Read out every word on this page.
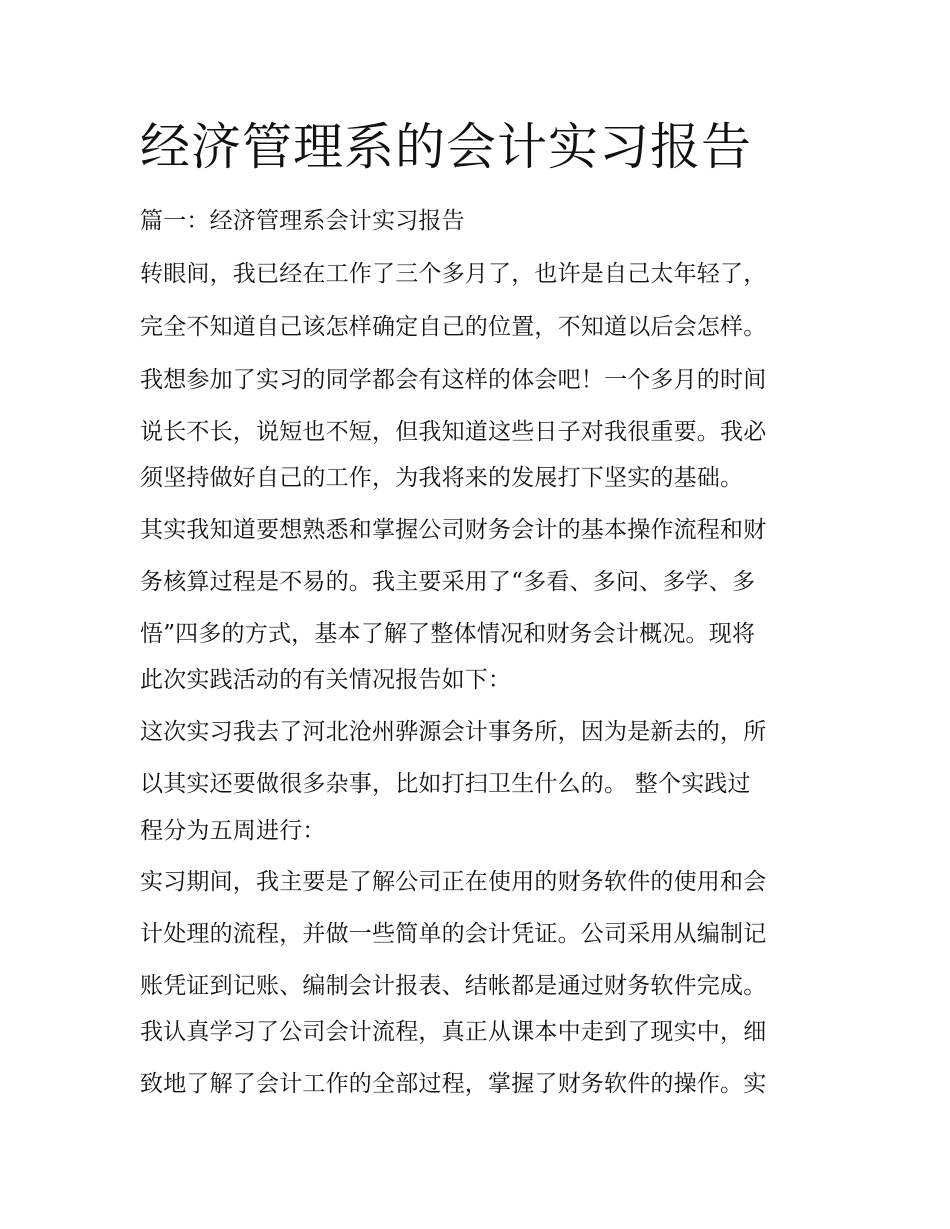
经济管理系的会计实习报告

篇一：经济管理系会计实习报告

转眼间，我已经在工作了三个多月了，也许是自己太年轻了，

完全不知道自己该怎样确定自己的位置，不知道以后会怎样。

我想参加了实习的同学都会有这样的体会吧！一个多月的时间

说长不长，说短也不短，但我知道这些日子对我很重要。我必

须坚持做好自己的工作，为我将来的发展打下坚实的基础。

其实我知道要想熟悉和掌握公司财务会计的基本操作流程和财

务核算过程是不易的。我主要采用了“多看、多问、多学、多

悟”四多的方式，基本了解了整体情况和财务会计概况。现将

此次实践活动的有关情况报告如下：

这次实习我去了河北沧州骅源会计事务所，因为是新去的，所

以其实还要做很多杂事，比如打扫卫生什么的。 整个实践过

程分为五周进行：

实习期间，我主要是了解公司正在使用的财务软件的使用和会

计处理的流程，并做一些简单的会计凭证。公司采用从编制记

账凭证到记账、编制会计报表、结帐都是通过财务软件完成。

我认真学习了公司会计流程，真正从课本中走到了现实中，细

致地了解了会计工作的全部过程，掌握了财务软件的操作。实
